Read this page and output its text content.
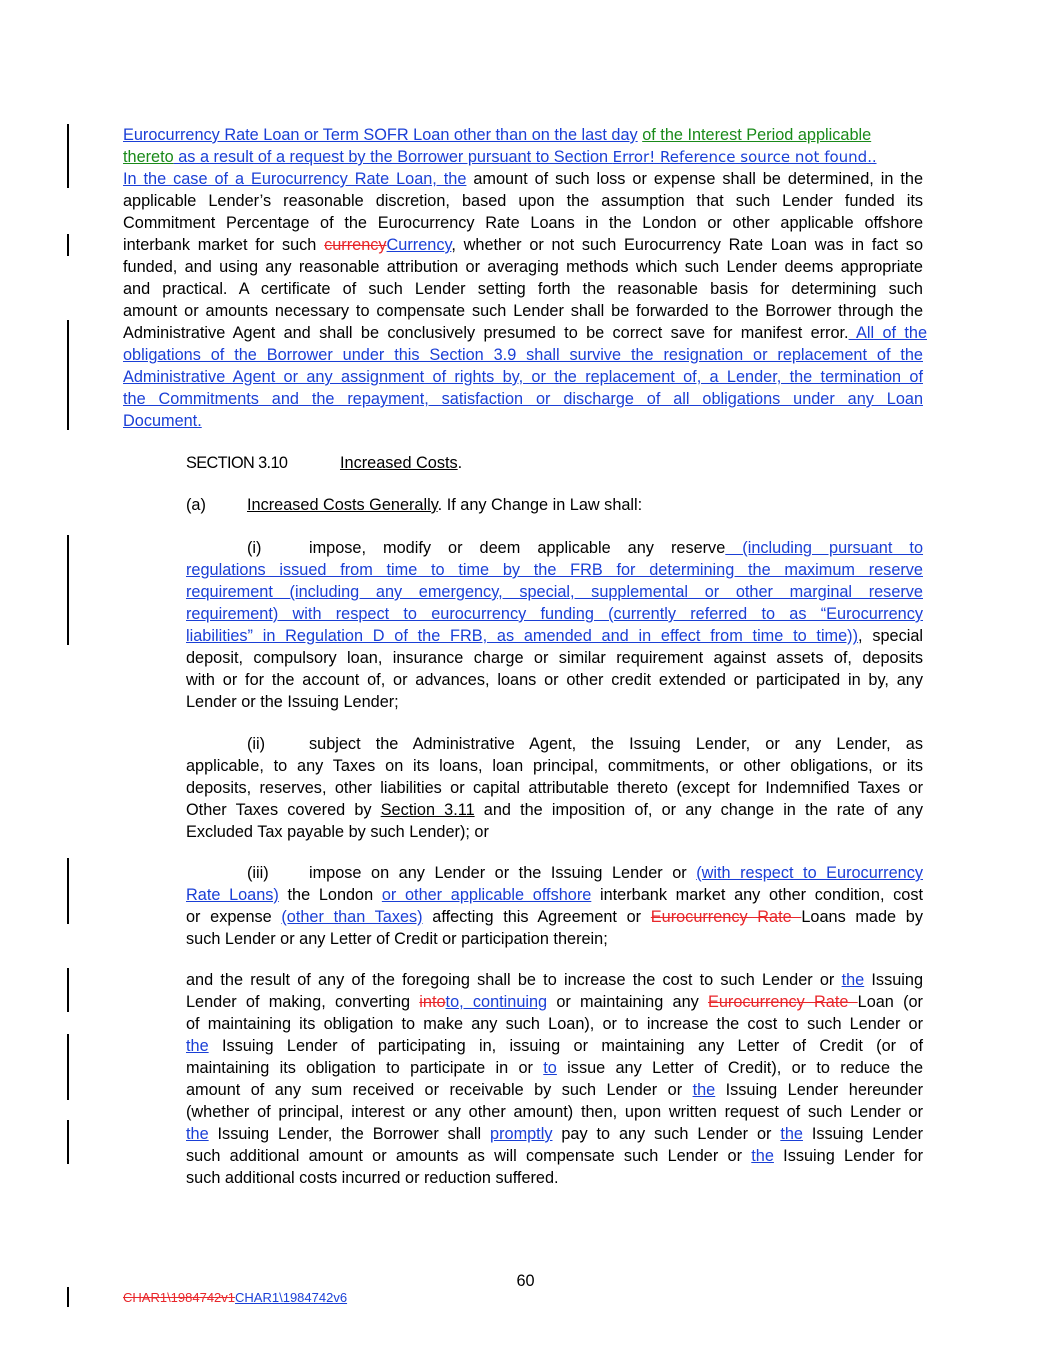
Eurocurrency Rate Loan or Term SOFR Loan other than on the last day of the Interest Period applicable
thereto as a result of a request by the Borrower pursuant to Section Error! Reference source not found..
In the case of a Eurocurrency Rate Loan, the amount of such loss or expense shall be determined, in the
applicable Lender’s reasonable discretion, based upon the assumption that such Lender funded its
Commitment Percentage of the Eurocurrency Rate Loans in the London or other applicable offshore
interbank market for such currencyCurrency, whether or not such Eurocurrency Rate Loan was in fact so
funded, and using any reasonable attribution or averaging methods which such Lender deems appropriate
and practical. A certificate of such Lender setting forth the reasonable basis for determining such
amount or amounts necessary to compensate such Lender shall be forwarded to the Borrower through the
Administrative Agent and shall be conclusively presumed to be correct save for manifest error. All of the
obligations of the Borrower under this Section 3.9 shall survive the resignation or replacement of the
Administrative Agent or any assignment of rights by, or the replacement of, a Lender, the termination of
the Commitments and the repayment, satisfaction or discharge of all obligations under any Loan
Document.
SECTION 3.10	Increased Costs.
(a)	Increased Costs Generally. If any Change in Law shall:
(i)	impose, modify or deem applicable any reserve (including pursuant to
regulations issued from time to time by the FRB for determining the maximum reserve
requirement (including any emergency, special, supplemental or other marginal reserve
requirement) with respect to eurocurrency funding (currently referred to as “Eurocurrency
liabilities” in Regulation D of the FRB, as amended and in effect from time to time)), special
deposit, compulsory loan, insurance charge or similar requirement against assets of, deposits
with or for the account of, or advances, loans or other credit extended or participated in by, any
Lender or the Issuing Lender;
(ii)	subject the Administrative Agent, the Issuing Lender, or any Lender, as
applicable, to any Taxes on its loans, loan principal, commitments, or other obligations, or its
deposits, reserves, other liabilities or capital attributable thereto (except for Indemnified Taxes or
Other Taxes covered by Section 3.11 and the imposition of, or any change in the rate of any
Excluded Tax payable by such Lender); or
(iii) impose on any Lender or the Issuing Lender or (with respect to Eurocurrency
Rate Loans) the London or other applicable offshore interbank market any other condition, cost
or expense (other than Taxes) affecting this Agreement or Eurocurrency Rate Loans made by
such Lender or any Letter of Credit or participation therein;
and the result of any of the foregoing shall be to increase the cost to such Lender or the Issuing
Lender of making, converting intoto, continuing or maintaining any Eurocurrency Rate Loan (or
of maintaining its obligation to make any such Loan), or to increase the cost to such Lender or
the Issuing Lender of participating in, issuing or maintaining any Letter of Credit (or of
maintaining its obligation to participate in or to issue any Letter of Credit), or to reduce the
amount of any sum received or receivable by such Lender or the Issuing Lender hereunder
(whether of principal, interest or any other amount) then, upon written request of such Lender or
the Issuing Lender, the Borrower shall promptly pay to any such Lender or the Issuing Lender
such additional amount or amounts as will compensate such Lender or the Issuing Lender for
such additional costs incurred or reduction suffered.
60
CHAR1\1984742v1CHAR1\1984742v6
